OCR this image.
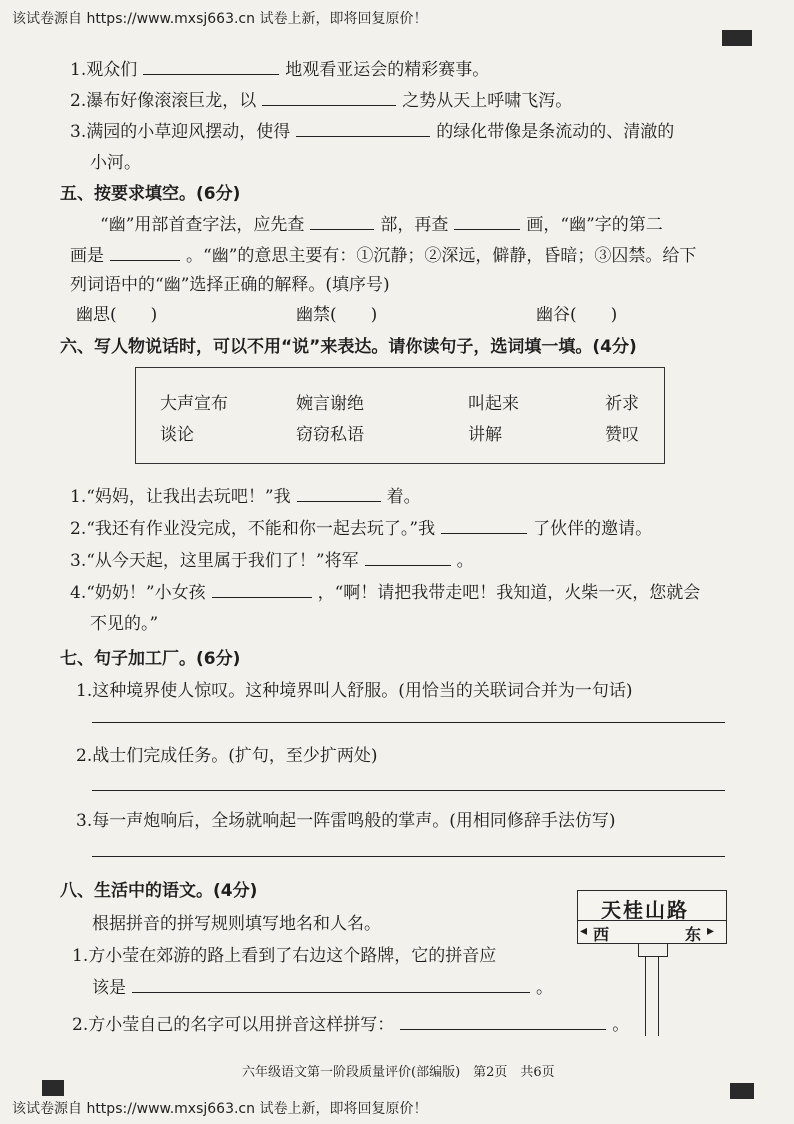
该试卷源自 https://www.mxsj663.cn 试卷上新，即将回复原价！
1.观众们	地观看亚运会的精彩赛事。
2.瀑布好像滚滚巨龙，以	之势从天上呼啸飞泻。
3.满园的小草迎风摆动，使得	的绿化带像是条流动的、清澈的
小河。
五、按要求填空。(6分)
“幽”用部首查字法，应先查	部，再查	画，“幽”字的第二
画是	。“幽”的意思主要有：①沉静；②深远，僻静，昏暗；③囚禁。给下
列词语中的“幽”选择正确的解释。(填序号)
幽思(　　)	幽禁(　　)	幽谷(　　)
六、写人物说话时，可以不用“说”来表达。请你读句子，选词填一填。(4分)
大声宣布	婉言谢绝	叫起来	祈求
谈论	窃窃私语	讲解	赞叹
1.“妈妈，让我出去玩吧！”我	着。
2.“我还有作业没完成，不能和你一起去玩了。”我	了伙伴的邀请。
3.“从今天起，这里属于我们了！”将军	。
4.“奶奶！”小女孩	，“啊！请把我带走吧！我知道，火柴一灭，您就会
不见的。”
七、句子加工厂。(6分)
1.这种境界使人惊叹。这种境界叫人舒服。(用恰当的关联词合并为一句话)
2.战士们完成任务。(扩句，至少扩两处)
3.每一声炮响后，全场就响起一阵雷鸣般的掌声。(用相同修辞手法仿写)
八、生活中的语文。(4分)
根据拼音的拼写规则填写地名和人名。
1.方小莹在郊游的路上看到了右边这个路牌，它的拼音应
该是	。
2.方小莹自己的名字可以用拼音这样拼写：	。
天桂山路
◂ 西	东 ▸
六年级语文第一阶段质量评价(部编版)　第2页　共6页
该试卷源自 https://www.mxsj663.cn 试卷上新，即将回复原价！
